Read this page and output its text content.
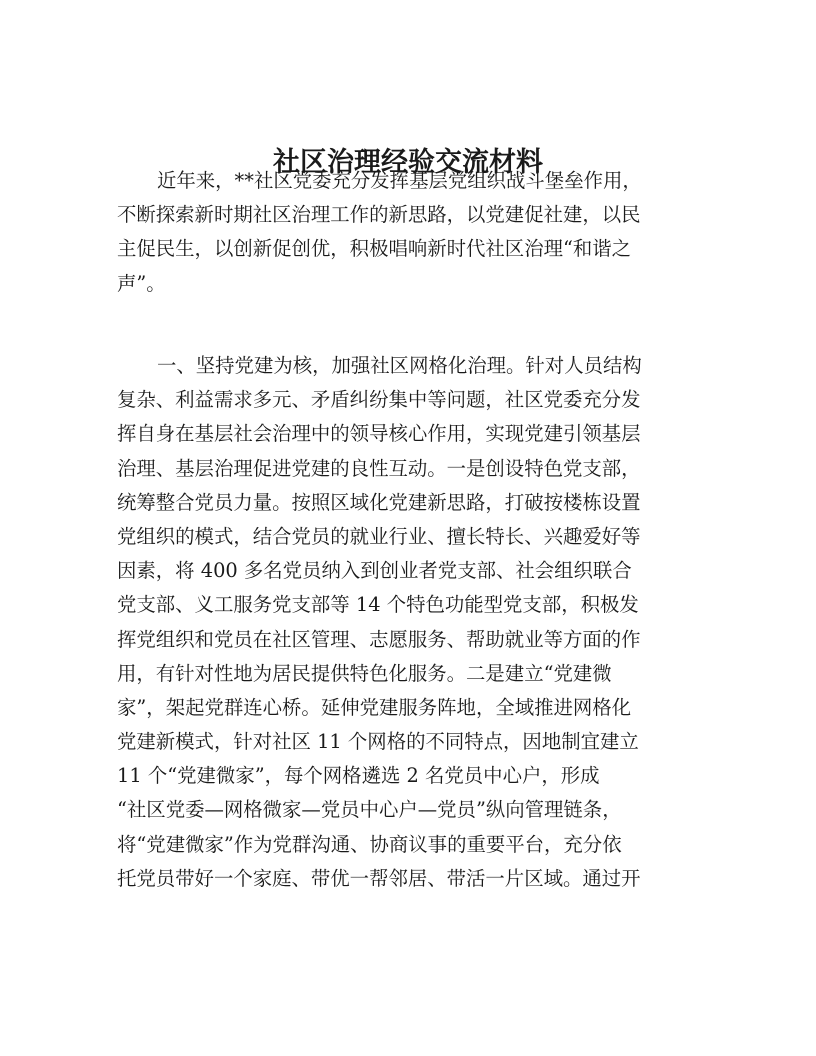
社区治理经验交流材料
近年来，**社区党委充分发挥基层党组织战斗堡垒作用，
不断探索新时期社区治理工作的新思路，以党建促社建，以民
主促民生，以创新促创优，积极唱响新时代社区治理“和谐之
声”。
一、坚持党建为核，加强社区网格化治理。针对人员结构
复杂、利益需求多元、矛盾纠纷集中等问题，社区党委充分发
挥自身在基层社会治理中的领导核心作用，实现党建引领基层
治理、基层治理促进党建的良性互动。一是创设特色党支部，
统筹整合党员力量。按照区域化党建新思路，打破按楼栋设置
党组织的模式，结合党员的就业行业、擅长特长、兴趣爱好等
因素，将 400 多名党员纳入到创业者党支部、社会组织联合
党支部、义工服务党支部等 14 个特色功能型党支部，积极发
挥党组织和党员在社区管理、志愿服务、帮助就业等方面的作
用，有针对性地为居民提供特色化服务。二是建立“党建微
家”，架起党群连心桥。延伸党建服务阵地，全域推进网格化
党建新模式，针对社区 11 个网格的不同特点，因地制宜建立
11 个“党建微家”，每个网格遴选 2 名党员中心户，形成
“社区党委—网格微家—党员中心户—党员”纵向管理链条，
将“党建微家”作为党群沟通、协商议事的重要平台，充分依
托党员带好一个家庭、带优一帮邻居、带活一片区域。通过开
